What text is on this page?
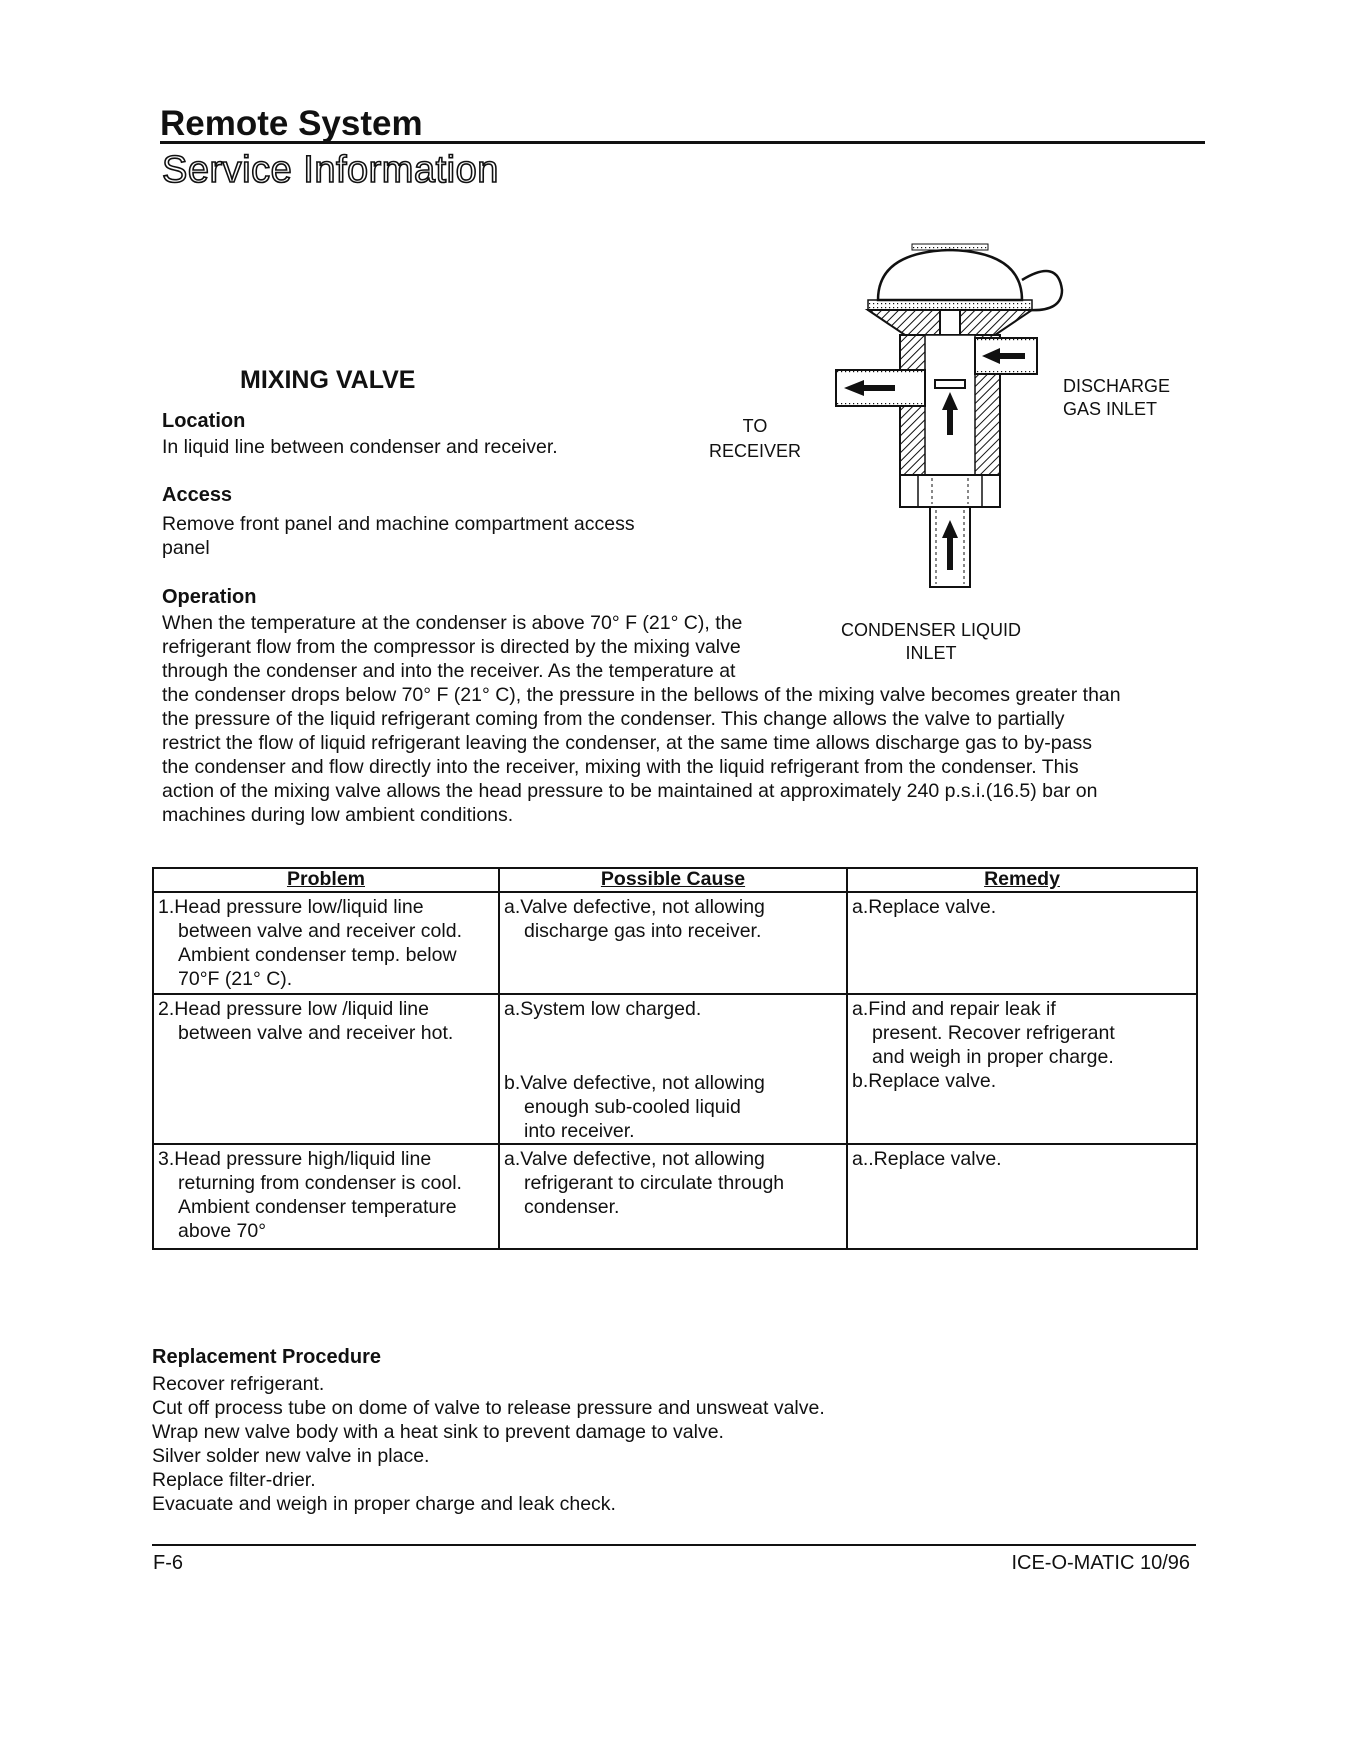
Remote System
Service Information
MIXING VALVE
Location
In liquid line between condenser and receiver.
Access
Remove front panel and machine compartment access
panel
Operation
When the temperature at the condenser is above 70° F (21° C), the
refrigerant flow from the compressor is directed by the mixing valve
through the condenser and into the receiver. As the temperature at
the condenser drops below 70° F (21° C), the pressure in the bellows of the mixing valve becomes greater than
the pressure of the liquid refrigerant coming from the condenser. This change allows the valve to partially
restrict the flow of liquid refrigerant leaving the condenser, at the same time allows discharge gas to by-pass
the condenser and flow directly into the receiver, mixing with the liquid refrigerant from the condenser. This
action of the mixing valve allows the head pressure to be maintained at approximately 240 p.s.i.(16.5) bar on
machines during low ambient conditions.
TO
RECEIVER
DISCHARGE
GAS INLET
CONDENSER LIQUID
INLET
Problem	Possible Cause	Remedy

1.Head pressure low/liquid line
between valve and receiver cold.
Ambient condenser temp. below
70°F (21° C).	a.Valve defective, not allowing
discharge gas into receiver.	a.Replace valve.

2.Head pressure low /liquid line
between valve and receiver hot.	a.System low charged.
b.Valve defective, not allowing
enough sub-cooled liquid
into receiver.	a.Find and repair leak if
present. Recover refrigerant
and weigh in proper charge.
b.Replace valve.

3.Head pressure high/liquid line
returning from condenser is cool.
Ambient condenser temperature
above 70°	a.Valve defective, not allowing
refrigerant to circulate through
condenser.	a..Replace valve.
Replacement Procedure
Recover refrigerant.
Cut off process tube on dome of valve to release pressure and unsweat valve.
Wrap new valve body with a heat sink to prevent damage to valve.
Silver solder new valve in place.
Replace filter-drier.
Evacuate and weigh in proper charge and leak check.
F-6	ICE-O-MATIC 10/96
